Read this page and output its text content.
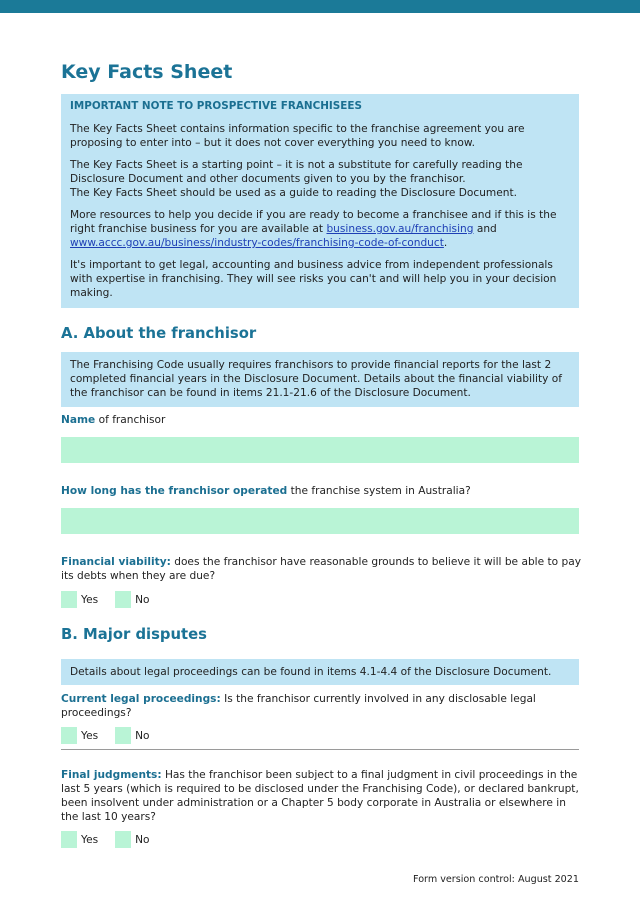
Key Facts Sheet
IMPORTANT NOTE TO PROSPECTIVE FRANCHISEES

The Key Facts Sheet contains information specific to the franchise agreement you are proposing to enter into – but it does not cover everything you need to know.

The Key Facts Sheet is a starting point – it is not a substitute for carefully reading the Disclosure Document and other documents given to you by the franchisor.

The Key Facts Sheet should be used as a guide to reading the Disclosure Document.

More resources to help you decide if you are ready to become a franchisee and if this is the right franchise business for you are available at business.gov.au/franchising and www.accc.gov.au/business/industry-codes/franchising-code-of-conduct.

It's important to get legal, accounting and business advice from independent professionals with expertise in franchising. They will see risks you can't and will help you in your decision making.

A. About the franchisor
The Franchising Code usually requires franchisors to provide financial reports for the last 2 completed financial years in the Disclosure Document. Details about the financial viability of the franchisor can be found in items 21.1-21.6 of the Disclosure Document.
Name of franchisor
How long has the franchisor operated the franchise system in Australia?
Financial viability: does the franchisor have reasonable grounds to believe it will be able to pay its debts when they are due?
Yes	No
B. Major disputes
Details about legal proceedings can be found in items 4.1-4.4 of the Disclosure Document.
Current legal proceedings: Is the franchisor currently involved in any disclosable legal proceedings?
Yes	No
Final judgments: Has the franchisor been subject to a final judgment in civil proceedings in the last 5 years (which is required to be disclosed under the Franchising Code), or declared bankrupt, been insolvent under administration or a Chapter 5 body corporate in Australia or elsewhere in the last 10 years?
Yes	No
Form version control: August 2021
